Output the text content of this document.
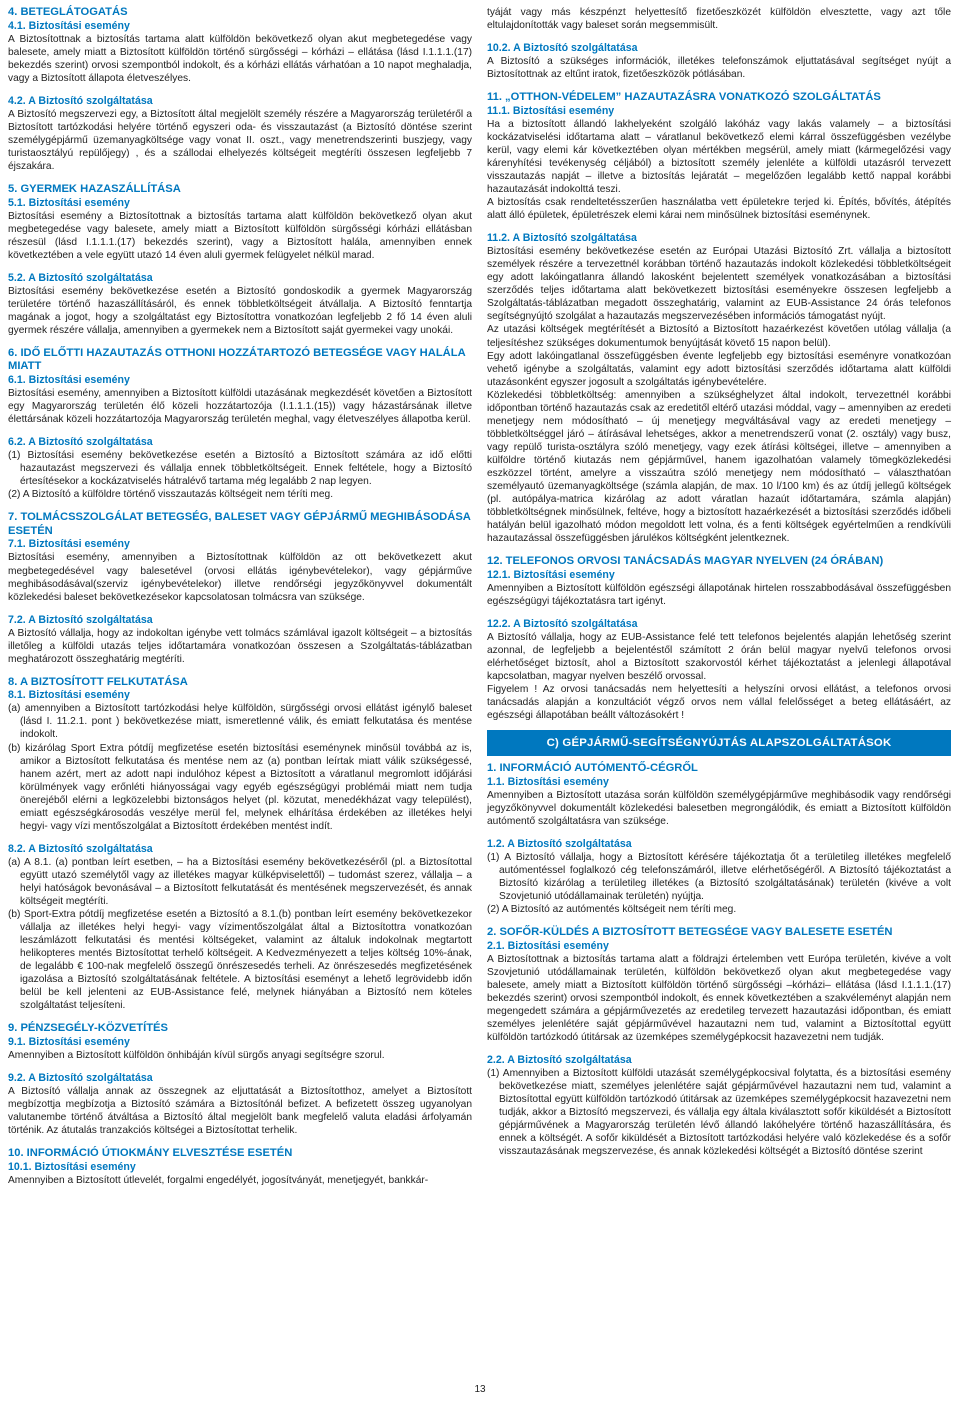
4. BETEGLÁTOGATÁS
4.1. Biztosítási esemény

A Biztosítottnak a biztosítás tartama alatt külföldön bekövetkező olyan akut megbetegedése vagy balesete, amely miatt a Biztosított külföldön történő sürgősségi – kórházi – ellátása (lásd I.1.1.1.(17) bekezdés szerint) orvosi szempontból indokolt, és a kórházi ellátás várhatóan a 10 napot meghaladja, vagy a Biztosított állapota életveszélyes.

4.2. A Biztosító szolgáltatása

A Biztosító megszervezi egy, a Biztosított által megjelölt személy részére a Magyarország területéről a Biztosított tartózkodási helyére történő egyszeri oda- és visszautazást (a Biztosító döntése szerint személygépjármű üzemanyagköltsége vagy vonat II. oszt., vagy menetrendszerinti buszjegy, vagy turistaosztályú repülőjegy) , és a szállodai elhelyezés költségeit megtéríti összesen legfeljebb 7 éjszakára.

5. GYERMEK HAZASZÁLLÍTÁSA
5.1. Biztosítási esemény

Biztosítási esemény a Biztosítottnak a biztosítás tartama alatt külföldön bekövetkező olyan akut megbetegedése vagy balesete, amely miatt a Biztosított külföldön sürgősségi kórházi ellátásban részesül (lásd I.1.1.1.(17) bekezdés szerint), vagy a Biztosított halála, amennyiben ennek következtében a vele együtt utazó 14 éven aluli gyermek felügyelet nélkül marad.

5.2. A Biztosító szolgáltatása

Biztosítási esemény bekövetkezése esetén a Biztosító gondoskodik a gyermek Magyarország területére történő hazaszállításáról, és ennek többletköltségeit átvállalja. A Biztosító fenntartja magának a jogot, hogy a szolgáltatást egy Biztosítottra vonatkozóan legfeljebb 2 fő 14 éven aluli gyermek részére vállalja, amennyiben a gyermekek nem a Biztosított saját gyermekei vagy unokái.

6. IDŐ ELŐTTI HAZAUTAZÁS OTTHONI HOZZÁTARTOZÓ BETEGSÉGE VAGY HALÁLA MIATT
6.1. Biztosítási esemény

Biztosítási esemény, amennyiben a Biztosított külföldi utazásának megkezdését követően a Biztosított egy Magyarország területén élő közeli hozzátartozója (I.1.1.1.(15)) vagy házastársának illetve élettársának közeli hozzátartozója Magyarország területén meghal, vagy életveszélyes állapotba kerül.

6.2. A Biztosító szolgáltatása

(1) Biztosítási esemény bekövetkezése esetén a Biztosító a Biztosított számára az idő előtti hazautazást megszervezi és vállalja ennek többletköltségeit. Ennek feltétele, hogy a Biztosító értesítésekor a kockázatviselés hátralévő tartama még legalább 2 nap legyen.

(2) A Biztosító a külföldre történő visszautazás költségeit nem téríti meg.

7. TOLMÁCSSZOLGÁLAT BETEGSÉG, BALESET VAGY GÉPJÁRMŰ MEGHIBÁSODÁSA ESETÉN
7.1. Biztosítási esemény

Biztosítási esemény, amennyiben a Biztosítottnak külföldön az ott bekövetkezett akut megbetegedésével vagy balesetével (orvosi ellátás igénybevételekor), vagy gépjárműve meghibásodásával(szerviz igénybevételekor) illetve rendőrségi jegyzőkönyvvel dokumentált közlekedési baleset bekövetkezésekor kapcsolatosan tolmácsra van szüksége.

7.2. A Biztosító szolgáltatása

A Biztosító vállalja, hogy az indokoltan igénybe vett tolmács számlával igazolt költségeit – a biztosítás illetőleg a külföldi utazás teljes időtartamára vonatkozóan összesen a Szolgáltatás-táblázatban meghatározott összeghatárig megtéríti.

8. A BIZTOSÍTOTT FELKUTATÁSA
8.1. Biztosítási esemény

(a) amennyiben a Biztosított tartózkodási helye külföldön, sürgősségi orvosi ellátást igénylő baleset (lásd I. 11.2.1. pont ) bekövetkezése miatt, ismeretlenné válik, és emiatt felkutatása és mentése indokolt.

(b) kizárólag Sport Extra pótdíj megfizetése esetén biztosítási eseménynek minősül továbbá az is, amikor a Biztosított felkutatása és mentése nem az (a) pontban leírtak miatt válik szükségessé, hanem azért, mert az adott napi indulóhoz képest a Biztosított a váratlanul megromlott időjárási körülmények vagy erőnléti hiányosságai vagy egyéb egészségügyi problémái miatt nem tudja önerejéből elérni a legközelebbi biztonságos helyet (pl. közutat, menedékházat vagy települést), emiatt egészségkárosodás veszélye merül fel, melynek elhárítása érdekében az illetékes helyi hegyi- vagy vízi mentőszolgálat a Biztosított érdekében mentést indít.

8.2. A Biztosító szolgáltatása

(a) A 8.1. (a) pontban leírt esetben, – ha a Biztosítási esemény bekövetkezéséről (pl. a Biztosítottal együtt utazó személytől vagy az illetékes magyar külképviselettől) – tudomást szerez, vállalja – a helyi hatóságok bevonásával – a Biztosított felkutatását és mentésének megszervezését, és annak költségeit megtéríti.

(b) Sport-Extra pótdíj megfizetése esetén a Biztosító a 8.1.(b) pontban leírt esemény bekövetkezekor vállalja az illetékes helyi hegyi- vagy vízimentőszolgálat által a Biztosítottra vonatkozóan leszámlázott felkutatási és mentési költségeket, valamint az általuk indokolnak megtartott helikopteres mentés Biztosítottat terhelő költségeit. A Kedvezményezett a teljes költség 10%-ának, de legalább € 100-nak megfelelő összegű önrészesedés terheli. Az önrészesedés megfizetésének igazolása a Biztosító szolgáltatásának feltétele. A biztosítási eseményt a lehető legrövidebb időn belül be kell jelenteni az EUB-Assistance felé, melynek hiányában a Biztosító nem köteles szolgáltatást teljesíteni.

9. PÉNZSEGÉLY-KÖZVETÍTÉS
9.1. Biztosítási esemény

Amennyiben a Biztosított külföldön önhibáján kívül sürgős anyagi segítségre szorul.

9.2. A Biztosító szolgáltatása

A Biztosító vállalja annak az összegnek az eljuttatását a Biztosítotthoz, amelyet a Biztosított megbízottja megbízotja a Biztosító számára a Biztosítónál befizet. A befizetett összeg ugyanolyan valutanembe történő átváltása a Biztosító által megjelölt bank megfelelő valuta eladási árfolyamán történik. Az átutalás tranzakciós költségei a Biztosítottat terhelik.

10. INFORMÁCIÓ ÚTIOKMÁNY ELVESZTÉSE ESETÉN
10.1. Biztosítási esemény

Amennyiben a Biztosított útlevelét, forgalmi engedélyét, jogosítványát, menetjegyét, bankkár-

tyáját vagy más készpénzt helyettesítő fizetőeszközét külföldön elvesztette, vagy azt tőle eltulajdonították vagy baleset során megsemmisült.

10.2. A Biztosító szolgáltatása

A Biztosító a szükséges információk, illetékes telefonszámok eljuttatásával segítséget nyújt a Biztosítottnak az eltűnt iratok, fizetőeszközök pótlásában.

11. „OTTHON-VÉDELEM” HAZAUTAZÁSRA VONATKOZÓ SZOLGÁLTATÁS
11.1. Biztosítási esemény

Ha a biztosított állandó lakhelyeként szolgáló lakóház vagy lakás valamely – a biztosítási kockázatviselési időtartama alatt – váratlanul bekövetkező elemi kárral összefüggésben vezélybe kerül, vagy elemi kár következtében olyan mértékben megsérül, amely miatt (kármegelőzési vagy kárenyhítési tevékenység céljából) a biztosított személy jelenléte a külföldi utazásról tervezett visszautazás napját – illetve a biztosítás lejáratát – megelőzően legalább kettő nappal korábbi hazautazását indokolttá teszi.

A biztosítás csak rendeltetésszerűen használatba vett épületekre terjed ki. Építés, bővítés, átépítés alatt álló épületek, épületrészek elemi kárai nem minősülnek biztosítási eseménynek.

11.2. A Biztosító szolgáltatása

Biztosítási esemény bekövetkezése esetén az Európai Utazási Biztosító Zrt. vállalja a biztosított személyek részére a tervezettnél korábban történő hazautazás indokolt közlekedési többletköltségeit egy adott lakóingatlanra állandó lakosként bejelentett személyek vonatkozásában a biztosítási szerződés teljes időtartama alatt bekövetkezett biztosítási eseményekre összesen legfeljebb a Szolgáltatás-táblázatban megadott összeghatárig, valamint az EUB-Assistance 24 órás telefonos segítségnyújtó szolgálat a hazautazás megszervezésében információs támogatást nyújt.

Az utazási költségek megtérítését a Biztosító a Biztosított hazaérkezést követően utólag vállalja (a teljesítéshez szükséges dokumentumok benyújtását követő 15 napon belül).

Egy adott lakóingatlanal összefüggésben évente legfeljebb egy biztosítási eseményre vonatkozóan vehető igénybe a szolgáltatás, valamint egy adott biztosítási szerződés időtartama alatt külföldi utazásonként egyszer jogosult a szolgáltatás igénybevételére.

Közlekedési többletköltség: amennyiben a szükséghelyzet által indokolt, tervezettnél korábbi időpontban történő hazautazás csak az eredetitől eltérő utazási móddal, vagy – amennyiben az eredeti menetjegy nem módosítható – új menetjegy megváltásával vagy az eredeti menetjegy – többletköltséggel járó – átírásával lehetséges, akkor a menetrendszerű vonat (2. osztály) vagy busz, vagy repülő turista-osztályra szóló menetjegy, vagy ezek átírási költségei, illetve – amennyiben a külföldre történő kiutazás nem gépjárművel, hanem igazolhatóan valamely tömegközlekedési eszközzel történt, amelyre a visszaútra szóló menetjegy nem módosítható – választhatóan személyautó üzemanyagköltsége (számla alapján, de max. 10 l/100 km) és az útdíj jellegű költségek (pl. autópálya-matrica kizárólag az adott váratlan hazaút időtartamára, számla alapján) többletköltségnek minősülnek, feltéve, hogy a biztosított hazaérkezését a biztosítási szerződés időbeli hatályán belül igazolható módon megoldott lett volna, és a fenti költségek egyértelműen a rendkívüli hazautazással összefüggésben járulékos költségként jelentkeznek.

12. TELEFONOS ORVOSI TANÁCSADÁS MAGYAR NYELVEN (24 ÓRÁBAN)
12.1. Biztosítási esemény

Amennyiben a Biztosított külföldön egészségi állapotának hirtelen rosszabbodásával összefüggésben egészségügyi tájékoztatásra tart igényt.

12.2. A Biztosító szolgáltatása

A Biztosító vállalja, hogy az EUB-Assistance felé tett telefonos bejelentés alapján lehetőség szerint azonnal, de legfeljebb a bejelentéstől számított 2 órán belül magyar nyelvű telefonos orvosi elérhetőséget biztosít, ahol a Biztosított szakorvostól kérhet tájékoztatást a jelenlegi állapotával kapcsolatban, magyar nyelven beszélő orvossal.

Figyelem ! Az orvosi tanácsadás nem helyettesíti a helyszíni orvosi ellátást, a telefonos orvosi tanácsadás alapján a konzultációt végző orvos nem vállal felelősséget a beteg ellátásáért, az egészségi állapotában beállt változásokért !

C) GÉPJÁRMŰ-SEGÍTSÉGNYÚJTÁS ALAPSZOLGÁLTATÁSOK
1. INFORMÁCIÓ AUTÓMENTŐ-CÉGRŐL
1.1. Biztosítási esemény

Amennyiben a Biztosított utazása során külföldön személygépjárműve meghibásodik vagy rendőrségi jegyzőkönyvvel dokumentált közlekedési balesetben megrongálódik, és emiatt a Biztosított külföldön autómentő szolgáltatásra van szüksége.

1.2. A Biztosító szolgáltatása

(1) A Biztosító vállalja, hogy a Biztosított kérésére tájékoztatja őt a területileg illetékes megfelelő autómentéssel foglalkozó cég telefonszámáról, illetve elérhetőségéről. A Biztosító tájékoztatást a Biztosító kizárólag a területileg illetékes (a Biztosító szolgáltatásának) területén (kivéve a volt Szovjetunió utódállamainak területén) nyújtja.

(2) A Biztosító az autómentés költségeit nem téríti meg.

2. SOFŐR-KÜLDÉS A BIZTOSÍTOTT BETEGSÉGE VAGY BALESETE ESETÉN
2.1. Biztosítási esemény

A Biztosítottnak a biztosítás tartama alatt a földrajzi értelemben vett Európa területén, kivéve a volt Szovjetunió utódállamainak területén, külföldön bekövetkező olyan akut megbetegedése vagy balesete, amely miatt a Biztosított külföldön történő sürgősségi –kórházi– ellátása (lásd I.1.1.1.(17) bekezdés szerint) orvosi szempontból indokolt, és ennek következtében a szakvéleményt alapján nem megengedett számára a gépjárművezetés az eredetileg tervezett hazautazási időpontban, és emiatt személyes jelenlétére saját gépjárművével hazautazni nem tud, valamint a Biztosítottal együtt külföldön tartózkodó útitársak az üzemképes személygépkocsit hazavezetni nem tudják.

2.2. A Biztosító szolgáltatása

(1) Amennyiben a Biztosított külföldi utazását személygépkocsival folytatta, és a biztosítási esemény bekövetkezése miatt, személyes jelenlétére saját gépjárművével hazautazni nem tud, valamint a Biztosítottal együtt külföldön tartózkodó útitársak az üzemképes személygépkocsit hazavezetni nem tudják, akkor a Biztosító megszervezi, és vállalja egy általa kiválasztott sofőr kiküldését a Biztosított gépjárművének a Magyarország területén lévő állandó lakóhelyére történő hazaszállítására, és ennek a költségét. A sofőr kiküldését a Biztosított tartózkodási helyére való közlekedése és a sofőr visszautazásának megszervezése, és annak közlekedési költségét a Biztosító döntése szerint

13
